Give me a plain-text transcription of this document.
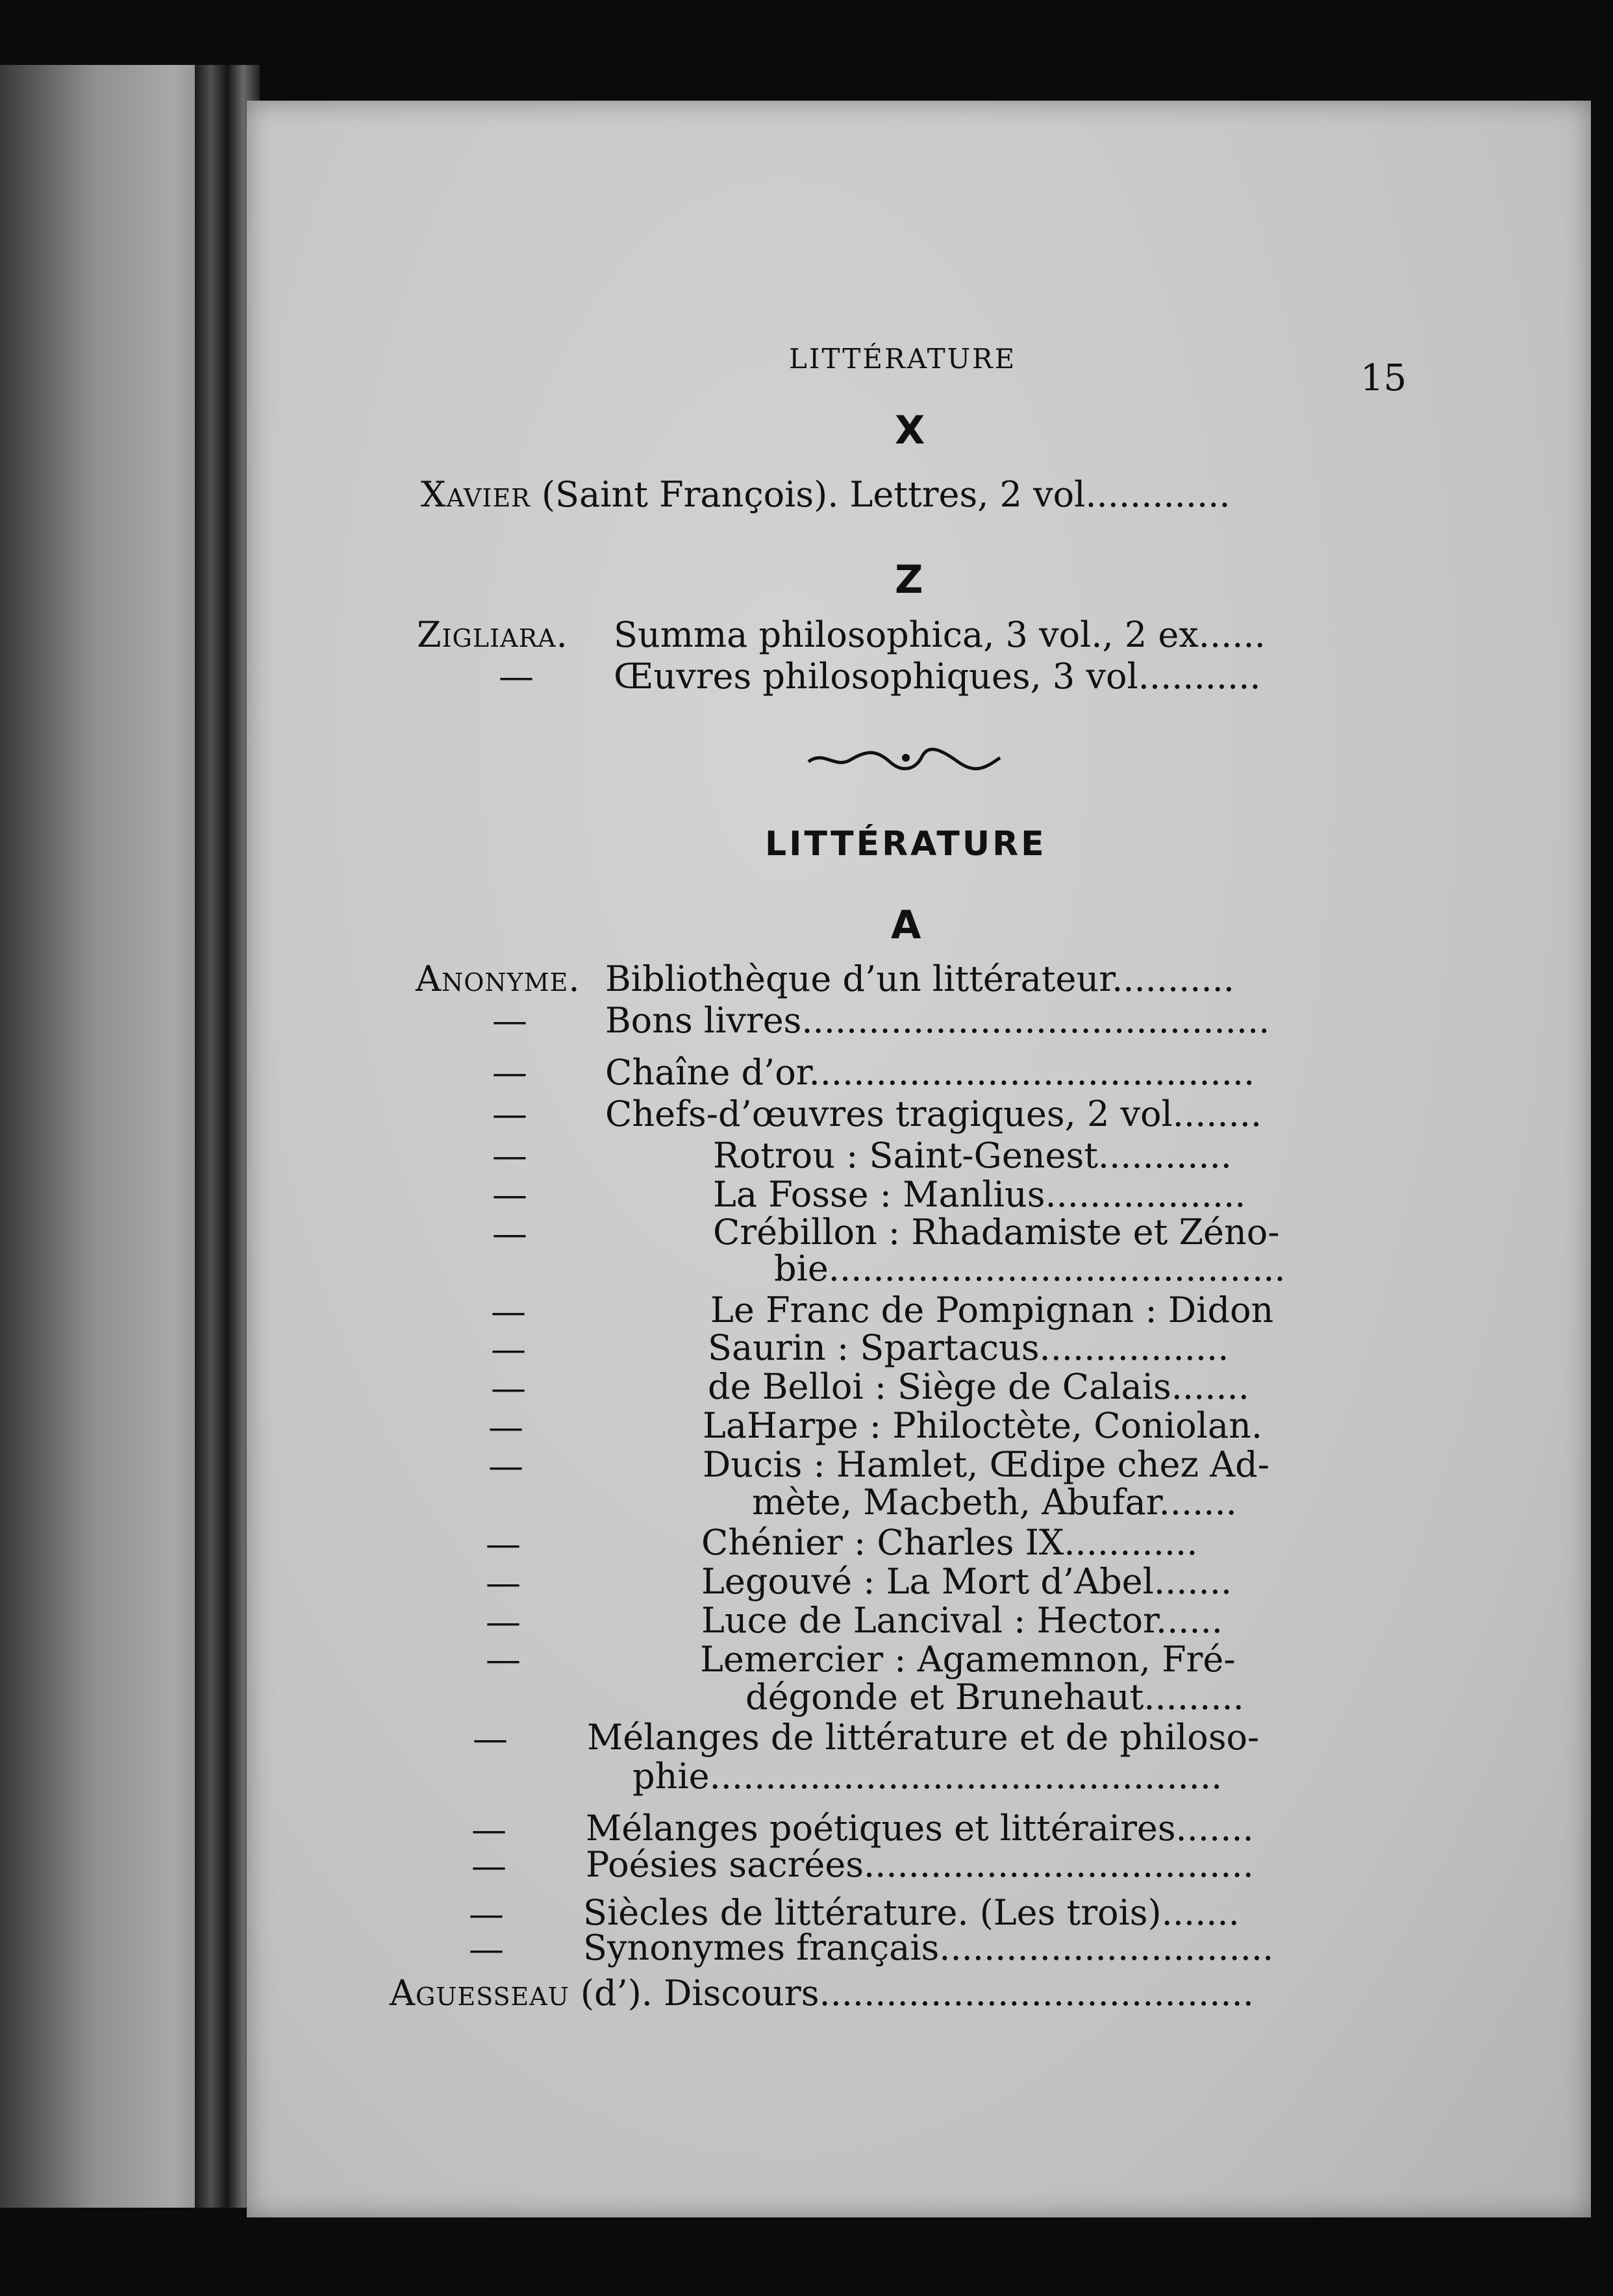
LITTÉRATURE	15
X
Xavier (Saint François). Lettres, 2 vol.............
Z
Zigliara. Summa philosophica, 3 vol., 2 ex......
— Œuvres philosophiques, 3 vol...........
LITTÉRATURE
A
Anonyme. Bibliothèque d’un littérateur...........
— Bons livres..........................................
— Chaîne d’or........................................
— Chefs-d’œuvres tragiques, 2 vol........
—	Rotrou : Saint-Genest............
—	La Fosse : Manlius..................
—	Crébillon : Rhadamiste et Zéno-
bie.........................................
—	Le Franc de Pompignan : Didon
—	Saurin : Spartacus.................
—	de Belloi : Siège de Calais.......
—	LaHarpe : Philoctète, Coniolan.
—	Ducis : Hamlet, Œdipe chez Ad-
mète, Macbeth, Abufar.......
—	Chénier : Charles IX............
—	Legouvé : La Mort d’Abel.......
—	Luce de Lancival : Hector......
—	Lemercier : Agamemnon, Fré-
dégonde et Brunehaut.........
— Mélanges de littérature et de philoso-
phie..............................................
— Mélanges poétiques et littéraires.......
— Poésies sacrées...................................
— Siècles de littérature. (Les trois).......
— Synonymes français..............................
Aguesseau (d’). Discours.......................................
